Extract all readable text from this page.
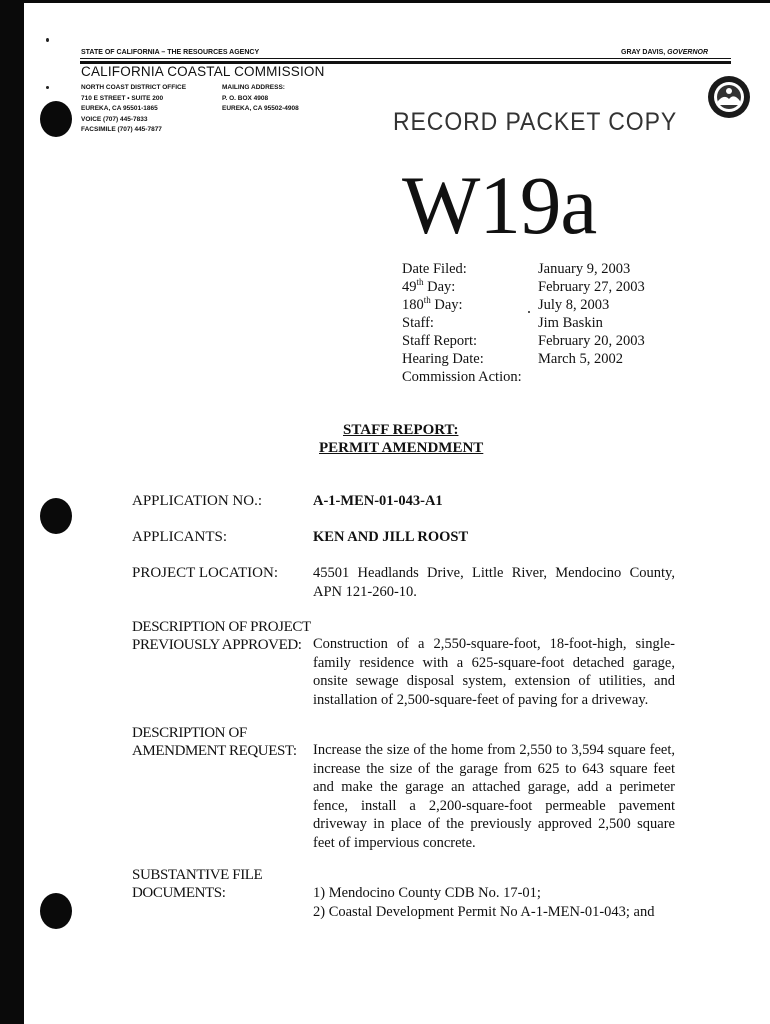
STATE OF CALIFORNIA – THE RESOURCES AGENCY	GRAY DAVIS, GOVERNOR
CALIFORNIA COASTAL COMMISSION
NORTH COAST DISTRICT OFFICE
710 E STREET • SUITE 200
EUREKA, CA 95501-1865
VOICE (707) 445-7833
FACSIMILE (707) 445-7877
MAILING ADDRESS:
P. O. BOX 4908
EUREKA, CA 95502-4908	RECORD PACKET COPY
W19a
Date Filed:	January 9, 2003
49th Day:	February 27, 2003
180th Day:	July 8, 2003
Staff:	Jim Baskin
Staff Report:	February 20, 2003
Hearing Date:	March 5, 2002
Commission Action:
STAFF REPORT:
PERMIT AMENDMENT
APPLICATION NO.:	A-1-MEN-01-043-A1
APPLICANTS:	KEN AND JILL ROOST
PROJECT LOCATION: 45501 Headlands Drive, Little River, Mendocino County, APN 121-260-10.
DESCRIPTION OF PROJECT
PREVIOUSLY APPROVED: Construction of a 2,550-square-foot, 18-foot-high, single-family residence with a 625-square-foot detached garage, onsite sewage disposal system, extension of utilities, and installation of 2,500-square-feet of paving for a driveway.
DESCRIPTION OF
AMENDMENT REQUEST: Increase the size of the home from 2,550 to 3,594 square feet, increase the size of the garage from 625 to 643 square feet and make the garage an attached garage, add a perimeter fence, install a 2,200-square-foot permeable pavement driveway in place of the previously approved 2,500 square feet of impervious concrete.
SUBSTANTIVE FILE
DOCUMENTS:	1) Mendocino County CDB No. 17-01;
2) Coastal Development Permit No A-1-MEN-01-043; and
